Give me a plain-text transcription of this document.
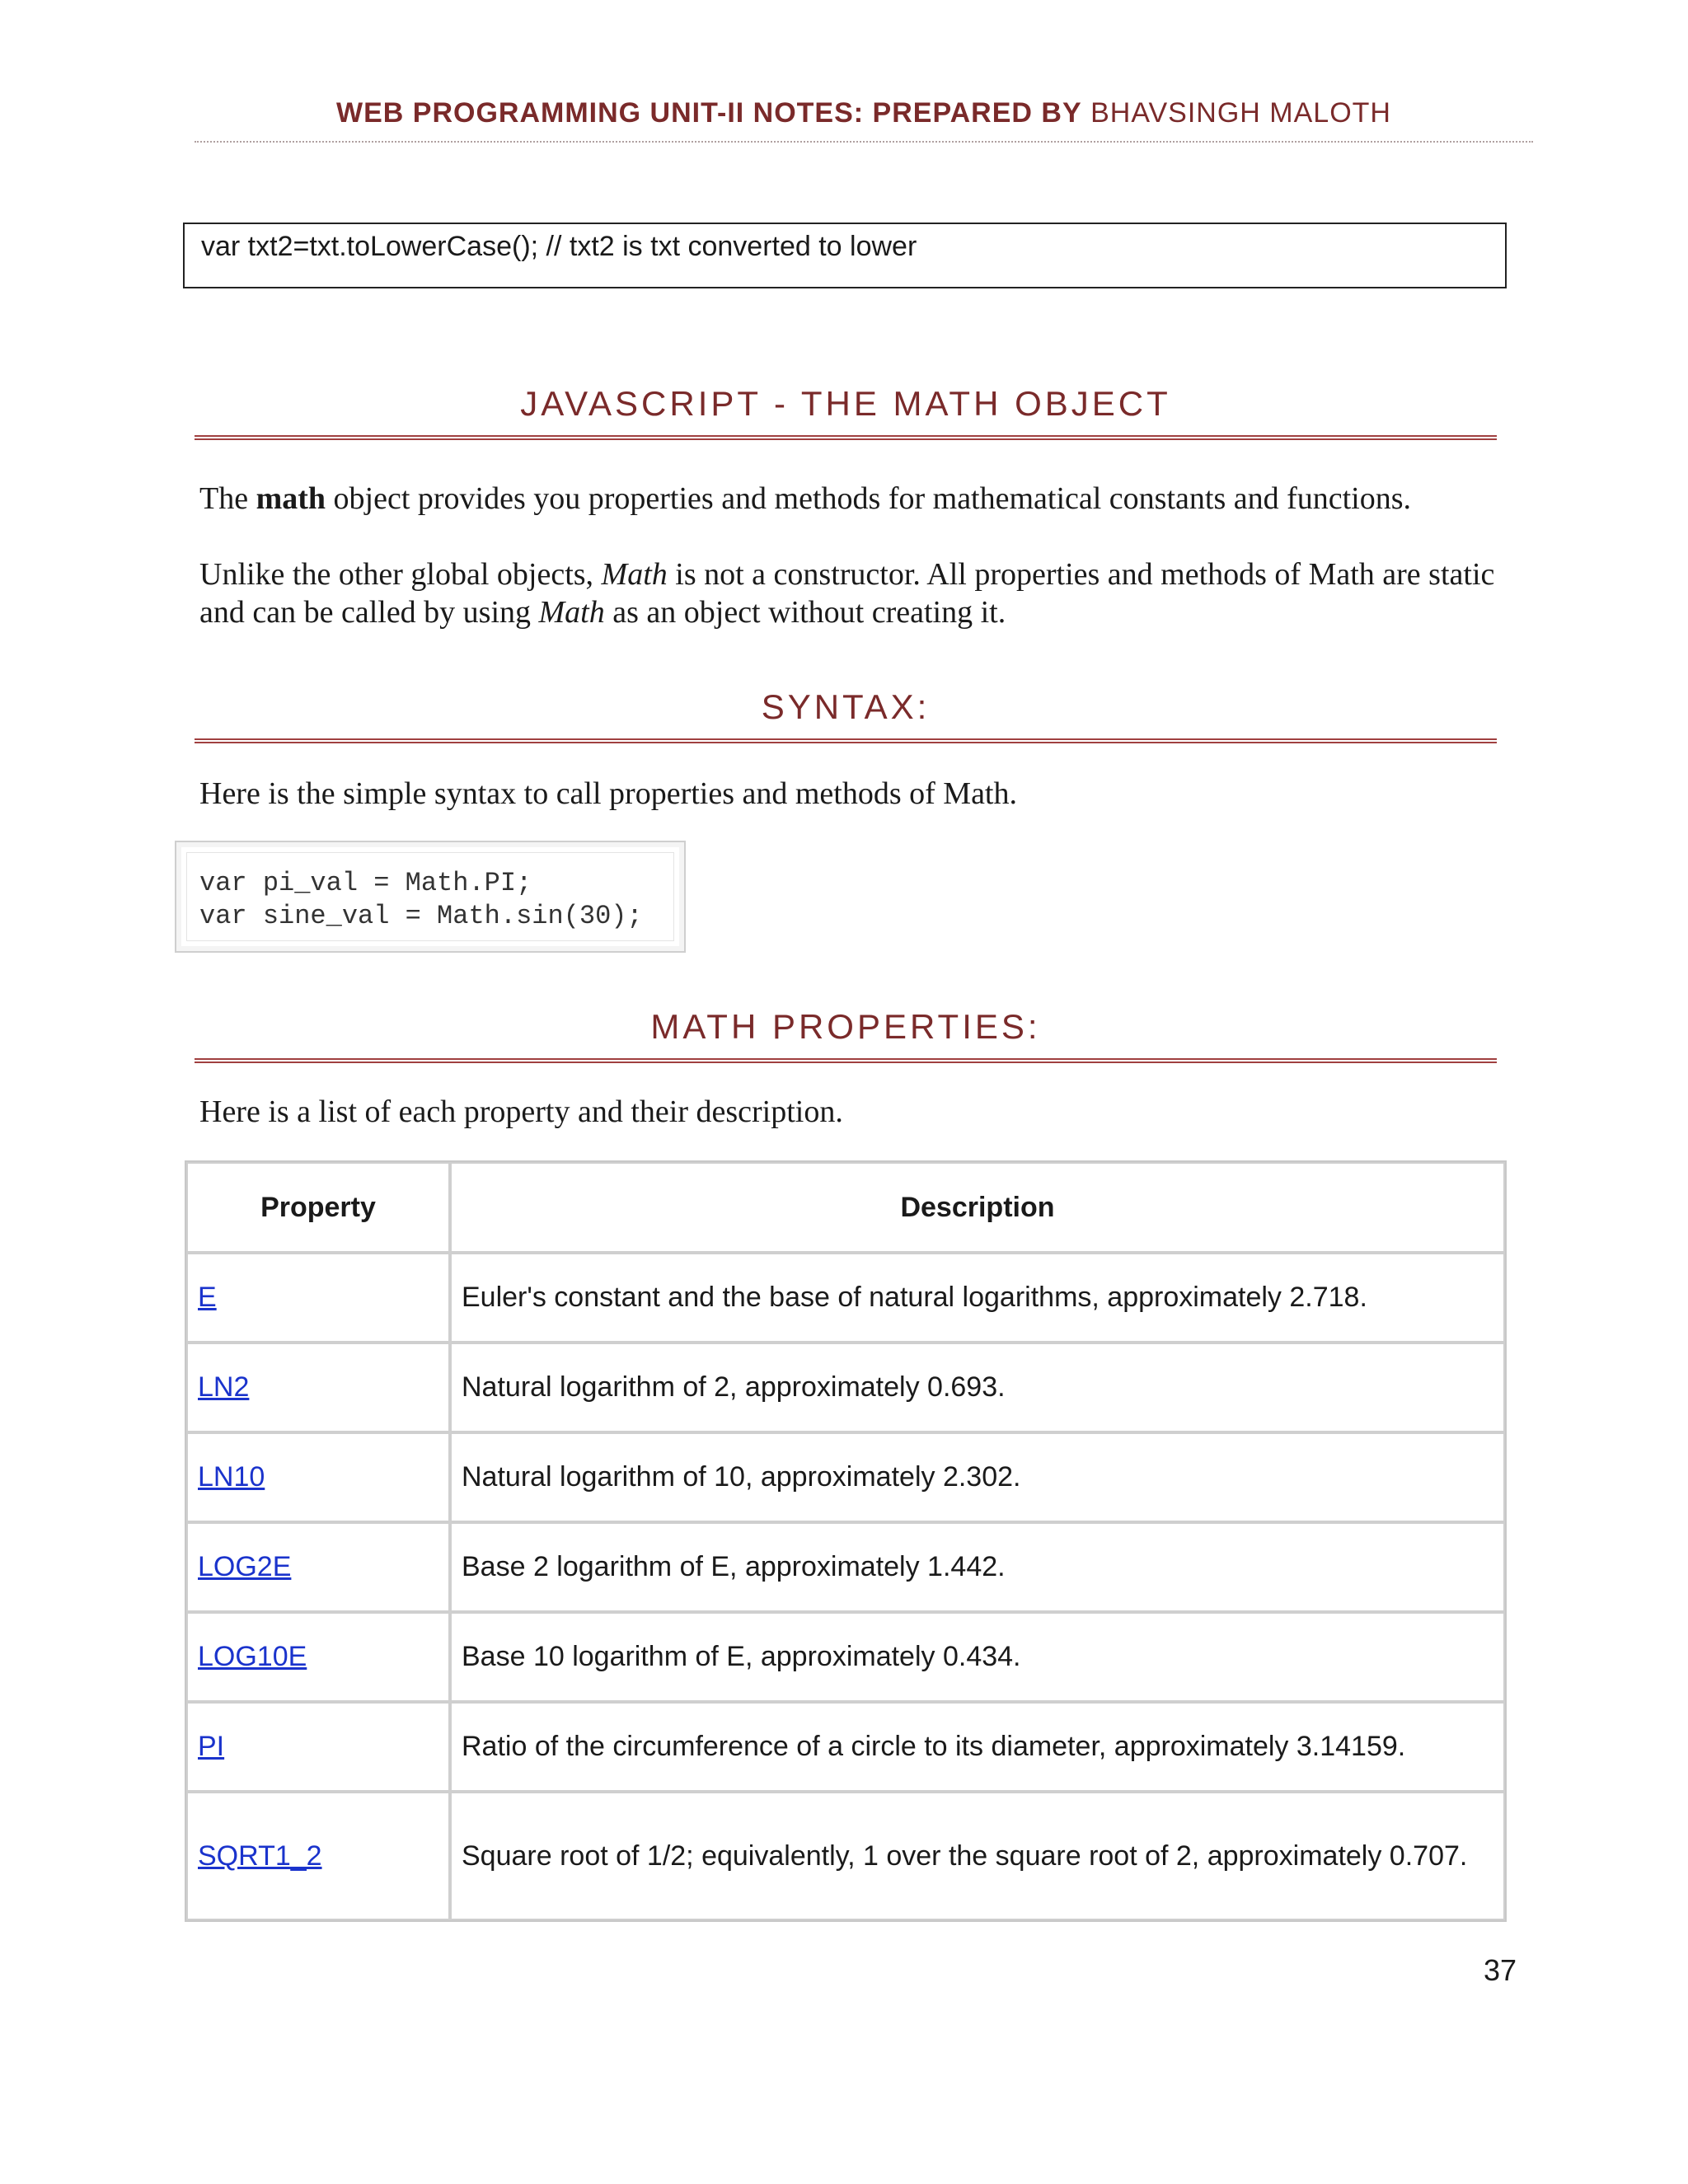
WEB PROGRAMMING UNIT-II NOTES: PREPARED BY BHAVSINGH MALOTH
var txt2=txt.toLowerCase(); // txt2 is txt converted to lower
JAVASCRIPT - THE MATH OBJECT
The math object provides you properties and methods for mathematical constants and functions.
Unlike the other global objects, Math is not a constructor. All properties and methods of Math are static and can be called by using Math as an object without creating it.
SYNTAX:
Here is the simple syntax to call properties and methods of Math.
var pi_val = Math.PI;
var sine_val = Math.sin(30);
MATH PROPERTIES:
Here is a list of each property and their description.
Property	Description
E	Euler's constant and the base of natural logarithms, approximately 2.718.
LN2	Natural logarithm of 2, approximately 0.693.
LN10	Natural logarithm of 10, approximately 2.302.
LOG2E	Base 2 logarithm of E, approximately 1.442.
LOG10E	Base 10 logarithm of E, approximately 0.434.
PI	Ratio of the circumference of a circle to its diameter, approximately 3.14159.
SQRT1_2	Square root of 1/2; equivalently, 1 over the square root of 2, approximately 0.707.
37
